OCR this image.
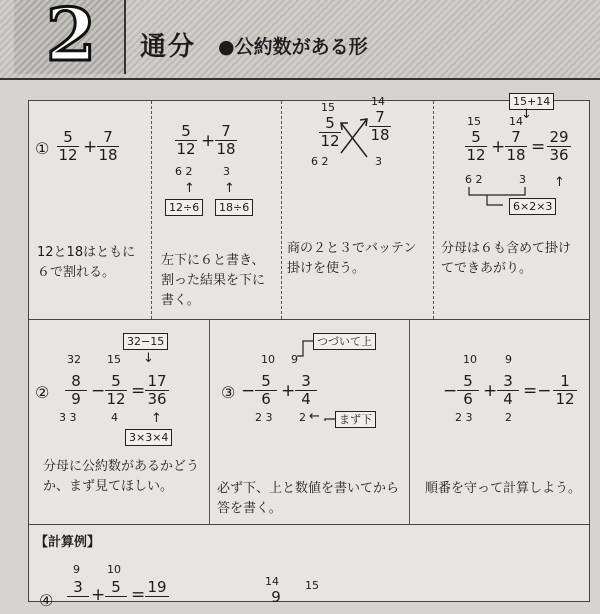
2 通分 ●公約数がある形
① $\frac{5}{12} + \frac{7}{18}$
12と18はともに６で割れる。
$\frac{5}{12} + \frac{7}{18}$
6 2	3
↑ ↑
12÷6	18÷6
左下に６と書き、割った結果を下に書く。
15	14
$\frac{5}{12} \frac{7}{18}$
6 2	3
商の２と３でバッテン掛けを使う。
15+14
↓
15	14
$\frac{5}{12} + \frac{7}{18} = \frac{29}{36}$
6 2	3 ↑
6×2×3
分母は６も含めて掛けてできあがり。
32−15
↓
②
32 15
$\frac{8}{9} - \frac{5}{12} = \frac{17}{36}$
3 3	4	↑
3×3×4
分母に公約数があるかどうか、まず見てほしい。
つづいて上
10 9
③ − $\frac{5}{6} + \frac{3}{4}$
2 3 2 ←	まず下
必ず下、上と数値を書いてから答を書く。
10	9
− $\frac{5}{6} + \frac{3}{4} =- \frac{1}{12}$
2 3	2
順番を守って計算しよう。
【計算例】
9 10
④
3
+ 5
= 19
	14 15
9
